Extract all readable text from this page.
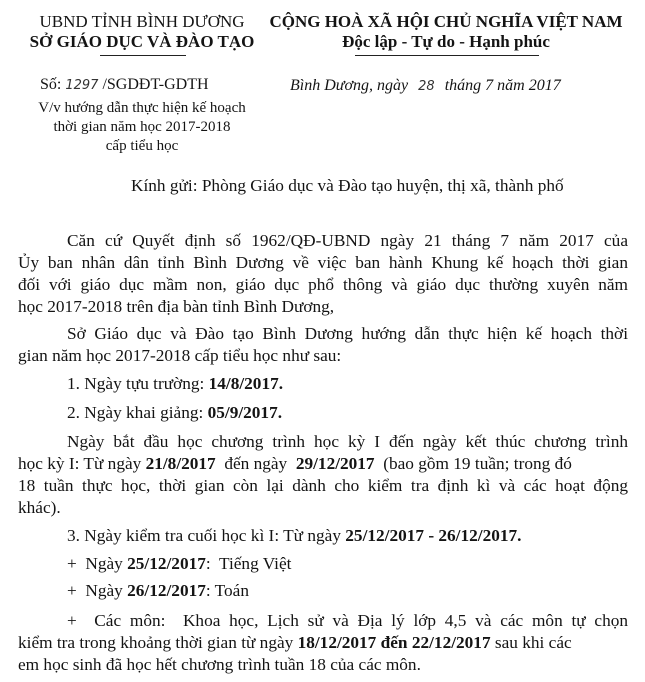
UBND TỈNH BÌNH DƯƠNG
SỞ GIÁO DỤC VÀ ĐÀO TẠO
CỘNG HOÀ XÃ HỘI CHỦ NGHĨA VIỆT NAM
Độc lập - Tự do - Hạnh phúc
Số: 1297 /SGDĐT-GDTH
V/v hướng dẫn thực hiện kế hoạch
thời gian năm học 2017-2018
cấp tiểu học
Bình Dương, ngày 28 tháng 7 năm 2017
Kính gửi: Phòng Giáo dục và Đào tạo huyện, thị xã, thành phố
Căn cứ Quyết định số 1962/QĐ-UBND ngày 21 tháng 7 năm 2017 của
Ủy ban nhân dân tỉnh Bình Dương về việc ban hành Khung kế hoạch thời gian
đối với giáo dục mầm non, giáo dục phổ thông và giáo dục thường xuyên năm
học 2017-2018 trên địa bàn tỉnh Bình Dương,
Sở Giáo dục và Đào tạo Bình Dương hướng dẫn thực hiện kế hoạch thời
gian năm học 2017-2018 cấp tiểu học như sau:
1. Ngày tựu trường: 14/8/2017.
2. Ngày khai giảng: 05/9/2017.
Ngày bắt đầu học chương trình học kỳ I đến ngày kết thúc chương trình
học kỳ I: Từ ngày 21/8/2017  đến ngày  29/12/2017  (bao gồm 19 tuần; trong đó
18 tuần thực học, thời gian còn lại dành cho kiểm tra định kì và các hoạt động
khác).
3. Ngày kiểm tra cuối học kì I: Từ ngày 25/12/2017 - 26/12/2017.
+  Ngày 25/12/2017:  Tiếng Việt
+  Ngày 26/12/2017: Toán
+  Các môn:  Khoa học, Lịch sử và Địa lý lớp 4,5 và các môn tự chọn
kiểm tra trong khoảng thời gian từ ngày 18/12/2017 đến 22/12/2017 sau khi các
em học sinh đã học hết chương trình tuần 18 của các môn.
